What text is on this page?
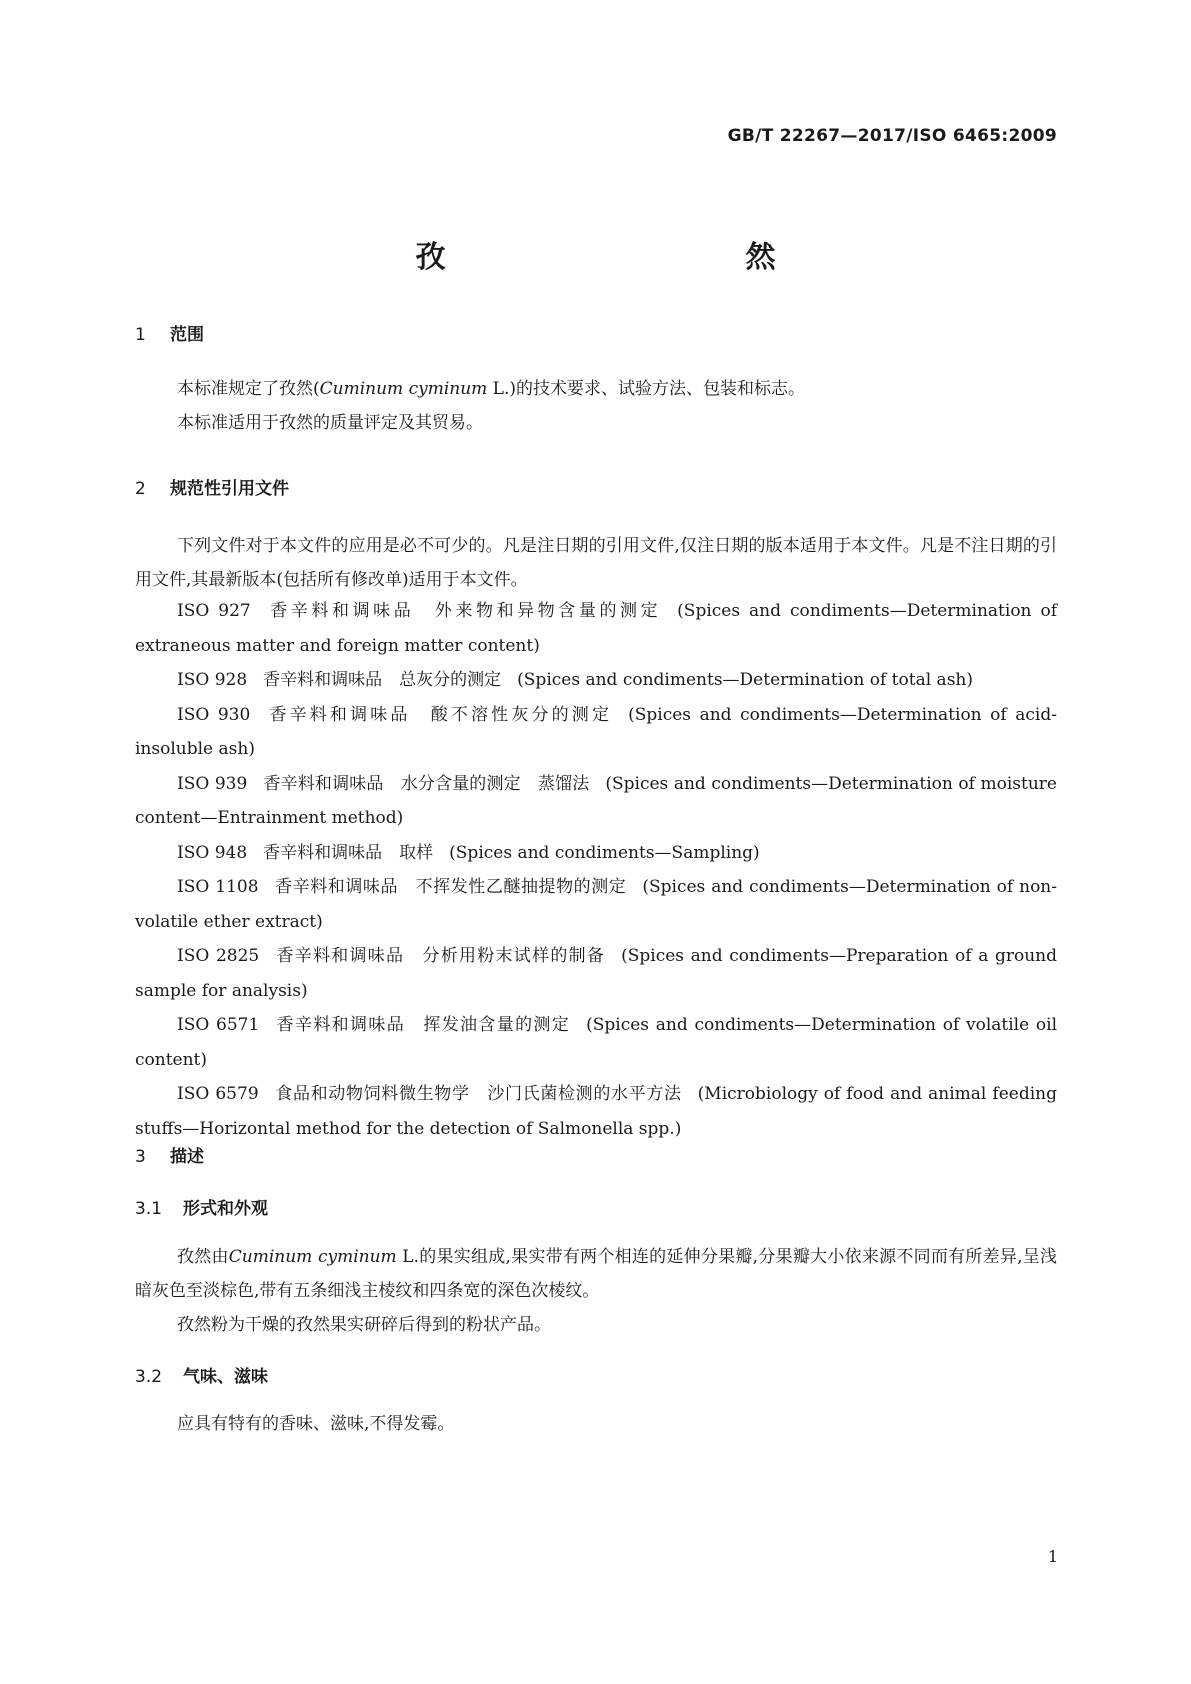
GB/T 22267—2017/ISO 6465:2009
孜　　然
1 范围
本标准规定了孜然(Cuminum cyminum L.)的技术要求、试验方法、包装和标志。
本标准适用于孜然的质量评定及其贸易。
2 规范性引用文件
下列文件对于本文件的应用是必不可少的。凡是注日期的引用文件,仅注日期的版本适用于本文件。凡是不注日期的引用文件,其最新版本(包括所有修改单)适用于本文件。
ISO 927 香辛料和调味品　外来物和异物含量的测定 (Spices and condiments—Determination of extraneous matter and foreign matter content)
ISO 928 香辛料和调味品　总灰分的测定 (Spices and condiments—Determination of total ash)
ISO 930 香辛料和调味品　酸不溶性灰分的测定 (Spices and condiments—Determination of acid-insoluble ash)
ISO 939 香辛料和调味品　水分含量的测定　蒸馏法 (Spices and condiments—Determination of moisture content—Entrainment method)
ISO 948 香辛料和调味品　取样 (Spices and condiments—Sampling)
ISO 1108 香辛料和调味品　不挥发性乙醚抽提物的测定 (Spices and condiments—Determination of non-volatile ether extract)
ISO 2825 香辛料和调味品　分析用粉末试样的制备 (Spices and condiments—Preparation of a ground sample for analysis)
ISO 6571 香辛料和调味品　挥发油含量的测定 (Spices and condiments—Determination of volatile oil content)
ISO 6579 食品和动物饲料微生物学　沙门氏菌检测的水平方法 (Microbiology of food and animal feeding stuffs—Horizontal method for the detection of Salmonella spp.)
3 描述
3.1 形式和外观
孜然由Cuminum cyminum L.的果实组成,果实带有两个相连的延伸分果瓣,分果瓣大小依来源不同而有所差异,呈浅暗灰色至淡棕色,带有五条细浅主棱纹和四条宽的深色次棱纹。
孜然粉为干燥的孜然果实研碎后得到的粉状产品。
3.2 气味、滋味
应具有特有的香味、滋味,不得发霉。
1
